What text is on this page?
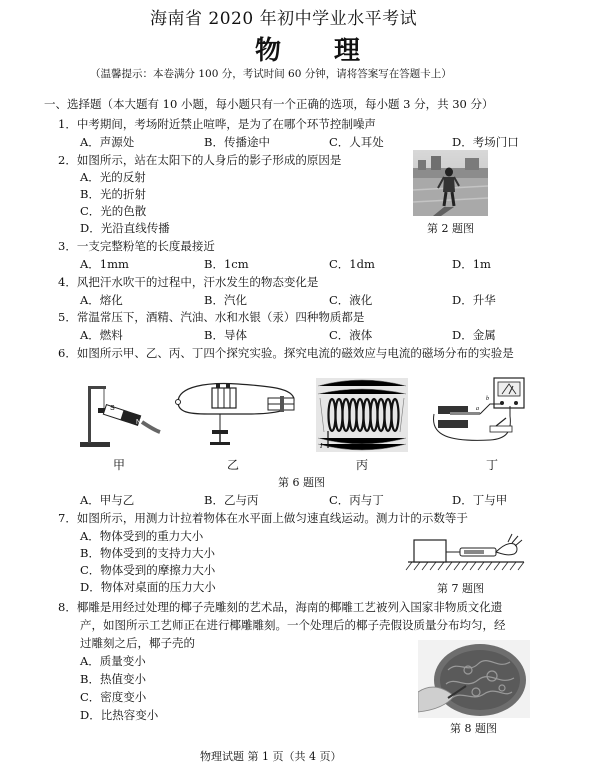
海南省 2020 年初中学业水平考试
物 理
（温馨提示：本卷满分 100 分，考试时间 60 分钟，请将答案写在答题卡上）
一、选择题（本大题有 10 小题，每小题只有一个正确的选项，每小题 3 分，共 30 分）
1．中考期间，考场附近禁止喧哗，是为了在哪个环节控制噪声
A．声源处	B．传播途中	C．人耳处	D．考场门口
2．如图所示，站在太阳下的人身后的影子形成的原因是
A．光的反射
B．光的折射
C．光的色散
D．光沿直线传播	第 2 题图
3．一支完整粉笔的长度最接近
A．1mm	B．1cm	C．1dm	D．1m
4．风把汗水吹干的过程中，汗水发生的物态变化是
A．熔化	B．汽化	C．液化	D．升华
5．常温常压下，酒精、汽油、水和水银（汞）四种物质都是
A．燃料	B．导体	C．液体	D．金属
6．如图所示甲、乙、丙、丁四个探究实验。探究电流的磁效应与电流的磁场分布的实验是
S
N
甲	乙
I
丙
a
b
丁
第 6 题图
A．甲与乙	B．乙与丙	C．丙与丁	D．丁与甲
7．如图所示，用测力计拉着物体在水平面上做匀速直线运动。测力计的示数等于
A．物体受到的重力大小
B．物体受到的支持力大小
C．物体受到的摩擦力大小
D．物体对桌面的压力大小	第 7 题图
8．椰雕是用经过处理的椰子壳雕刻的艺术品，海南的椰雕工艺被列入国家非物质文化遗
产，如图所示工艺师正在进行椰雕雕刻。一个处理后的椰子壳假设质量分布均匀，经
过雕刻之后，椰子壳的
A．质量变小
B．热值变小
C．密度变小
D．比热容变小
第 8 题图
物理试题 第 1 页（共 4 页）
